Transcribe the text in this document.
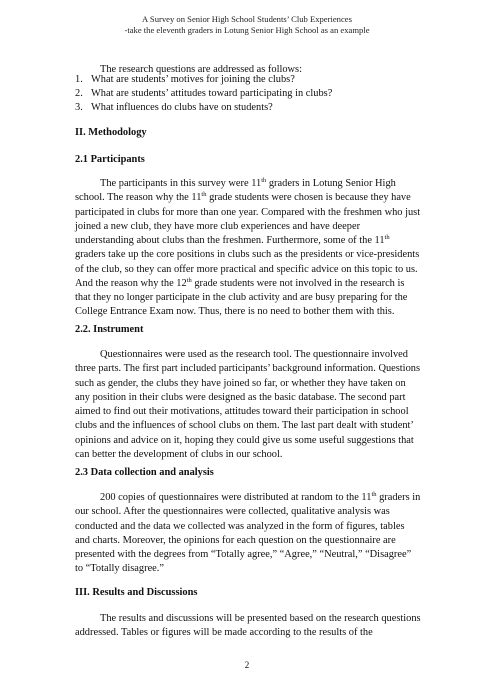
A Survey on Senior High School Students’ Club Experiences
-take the eleventh graders in Lotung Senior High School as an example
The research questions are addressed as follows:
1. What are students’ motives for joining the clubs?
2. What are students’ attitudes toward participating in clubs?
3. What influences do clubs have on students?
II. Methodology
2.1 Participants

The participants in this survey were 11th graders in Lotung Senior High school. The reason why the 11th grade students were chosen is because they have participated in clubs for more than one year. Compared with the freshmen who just joined a new club, they have more club experiences and have deeper understanding about clubs than the freshmen. Furthermore, some of the 11th graders take up the core positions in clubs such as the presidents or vice-presidents of the club, so they can offer more practical and specific advice on this topic to us. And the reason why the 12th grade students were not involved in the research is that they no longer participate in the club activity and are busy preparing for the College Entrance Exam now. Thus, there is no need to bother them with this.

2.2. Instrument

Questionnaires were used as the research tool. The questionnaire involved three parts. The first part included participants’ background information. Questions such as gender, the clubs they have joined so far, or whether they have taken on any position in their clubs were designed as the basic database. The second part aimed to find out their motivations, attitudes toward their participation in school clubs and the influences of school clubs on them. The last part dealt with student’ opinions and advice on it, hoping they could give us some useful suggestions that can better the development of clubs in our school.

2.3 Data collection and analysis

200 copies of questionnaires were distributed at random to the 11th graders in our school. After the questionnaires were collected, qualitative analysis was conducted and the data we collected was analyzed in the form of figures, tables and charts. Moreover, the opinions for each question on the questionnaire are presented with the degrees from “Totally agree,” “Agree,” “Neutral,” “Disagree” to “Totally disagree.”

III. Results and Discussions

The results and discussions will be presented based on the research questions addressed. Tables or figures will be made according to the results of the

2
